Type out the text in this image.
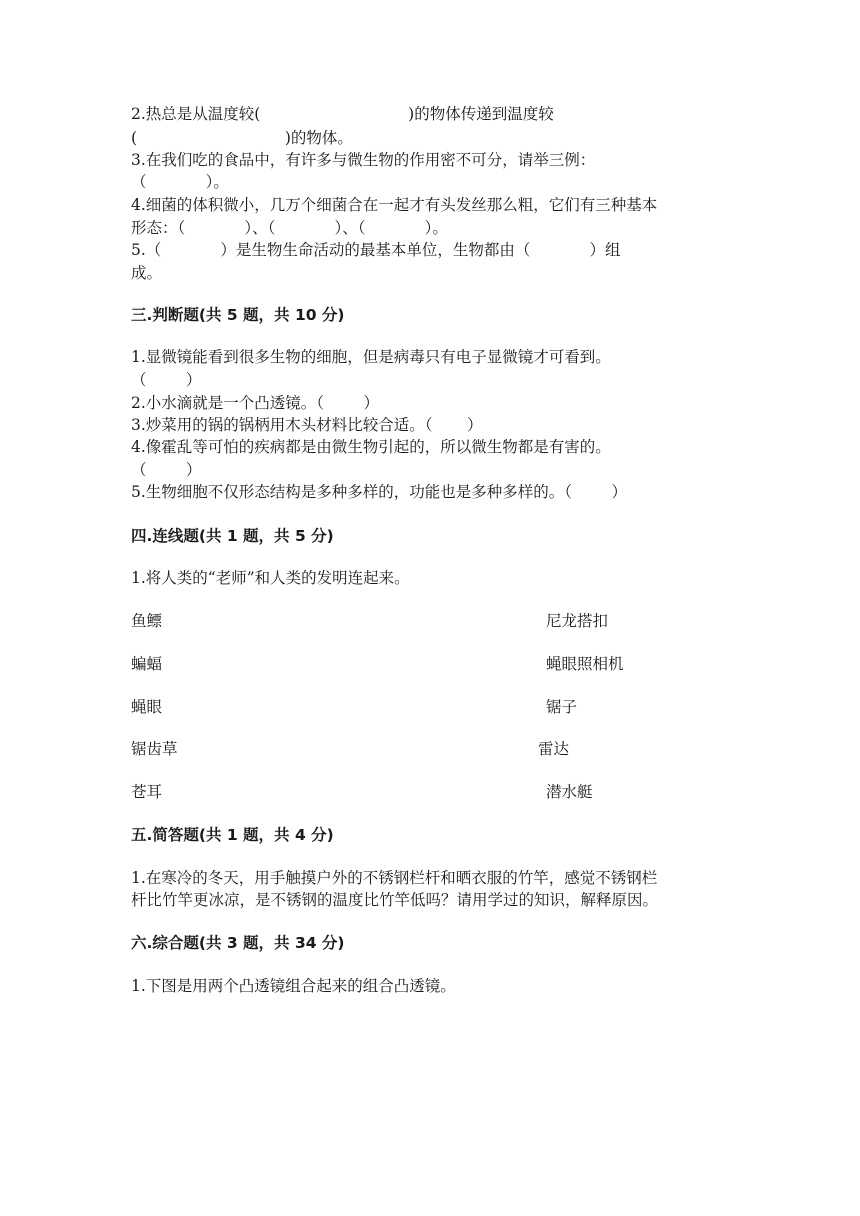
2.热总是从温度较(                              )的物体传递到温度较
(                              )的物体。
3.在我们吃的食品中，有许多与微生物的作用密不可分，请举三例：
（            ）。
4.细菌的体积微小，几万个细菌合在一起才有头发丝那么粗，它们有三种基本
形态：（            ）、（            ）、（            ）。
5.（            ）是生物生命活动的最基本单位，生物都由（            ）组
成。
三.判断题(共 5 题，共 10 分)
1.显微镜能看到很多生物的细胞，但是病毒只有电子显微镜才可看到。
（        ）
2.小水滴就是一个凸透镜。（        ）
3.炒菜用的锅的锅柄用木头材料比较合适。（       ）
4.像霍乱等可怕的疾病都是由微生物引起的，所以微生物都是有害的。
（        ）
5.生物细胞不仅形态结构是多种多样的，功能也是多种多样的。（        ）
四.连线题(共 1 题，共 5 分)
1.将人类的“老师”和人类的发明连起来。
鱼鳔
蝙蝠
蝇眼
锯齿草
苍耳
尼龙搭扣
蝇眼照相机
锯子
雷达
潜水艇
五.简答题(共 1 题，共 4 分)
1.在寒冷的冬天，用手触摸户外的不锈钢栏杆和晒衣服的竹竿，感觉不锈钢栏
杆比竹竿更冰凉，是不锈钢的温度比竹竿低吗？请用学过的知识，解释原因。
六.综合题(共 3 题，共 34 分)
1.下图是用两个凸透镜组合起来的组合凸透镜。
